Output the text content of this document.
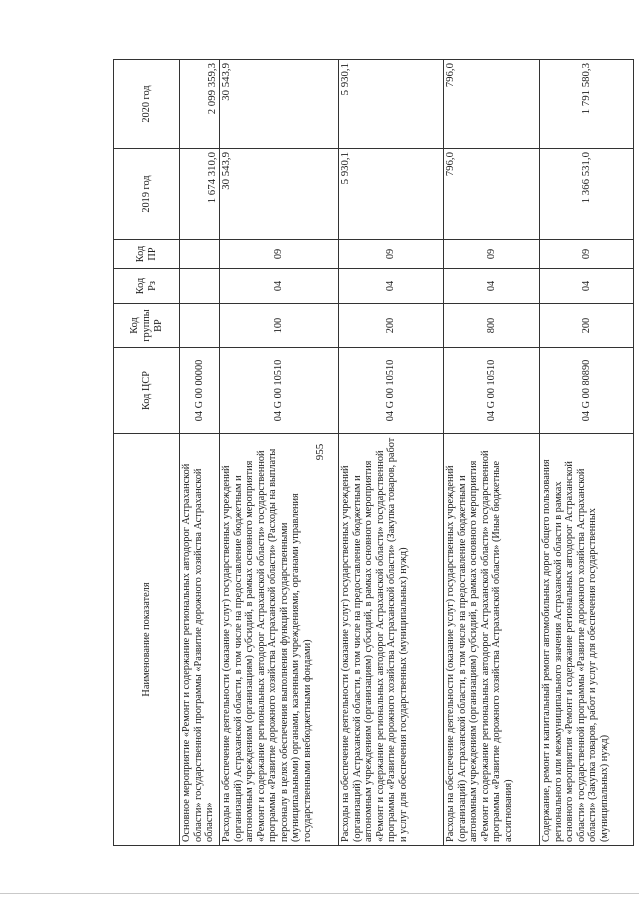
955
Наименование показателя	Код ЦСР	Код группы ВР	Код Рз	Код ПР	2019 год	2020 год
Основное мероприятие «Ремонт и содержание региональных автодорог Астраханской области» государственной программы «Развитие дорожного хозяйства Астраханской области»	04 G 00 00000				1 674 310,0	2 099 359,3
Расходы на обеспечение деятельности (оказание услуг) государственных учреждений (организаций) Астраханской области, в том числе на предоставление бюджетным и автономным учреждениям (организациям) субсидий, в рамках основного мероприятия «Ремонт и содержание региональных автодорог Астраханской области» государственной программы «Развитие дорожного хозяйства Астраханской области» (Расходы на выплаты персоналу в целях обеспечения выполнения функций государственными (муниципальными) органами, казенными учреждениями, органами управления государственными внебюджетными фондами)	04 G 00 10510	100	04	09	30 543,9	30 543,9
Расходы на обеспечение деятельности (оказание услуг) государственных учреждений (организаций) Астраханской области, в том числе на предоставление бюджетным и автономным учреждениям (организациям) субсидий, в рамках основного мероприятия «Ремонт и содержание региональных автодорог Астраханской области» государственной программы «Развитие дорожного хозяйства Астраханской области» (Закупка товаров, работ и услуг для обеспечения государственных (муниципальных) нужд)	04 G 00 10510	200	04	09	5 930,1	5 930,1
Расходы на обеспечение деятельности (оказание услуг) государственных учреждений (организаций) Астраханской области, в том числе на предоставление бюджетным и автономным учреждениям (организациям) субсидий, в рамках основного мероприятия «Ремонт и содержание региональных автодорог Астраханской области» государственной программы «Развитие дорожного хозяйства Астраханской области» (Иные бюджетные ассигнования)	04 G 00 10510	800	04	09	796,0	796,0
Содержание, ремонт и капитальный ремонт автомобильных дорог общего пользования регионального или межмуниципального значения Астраханской области в рамках основного мероприятия «Ремонт и содержание региональных автодорог Астраханской области» государственной программы «Развитие дорожного хозяйства Астраханской области» (Закупка товаров, работ и услуг для обеспечения государственных (муниципальных) нужд)	04 G 00 80890	200	04	09	1 366 531,0	1 791 580,3
